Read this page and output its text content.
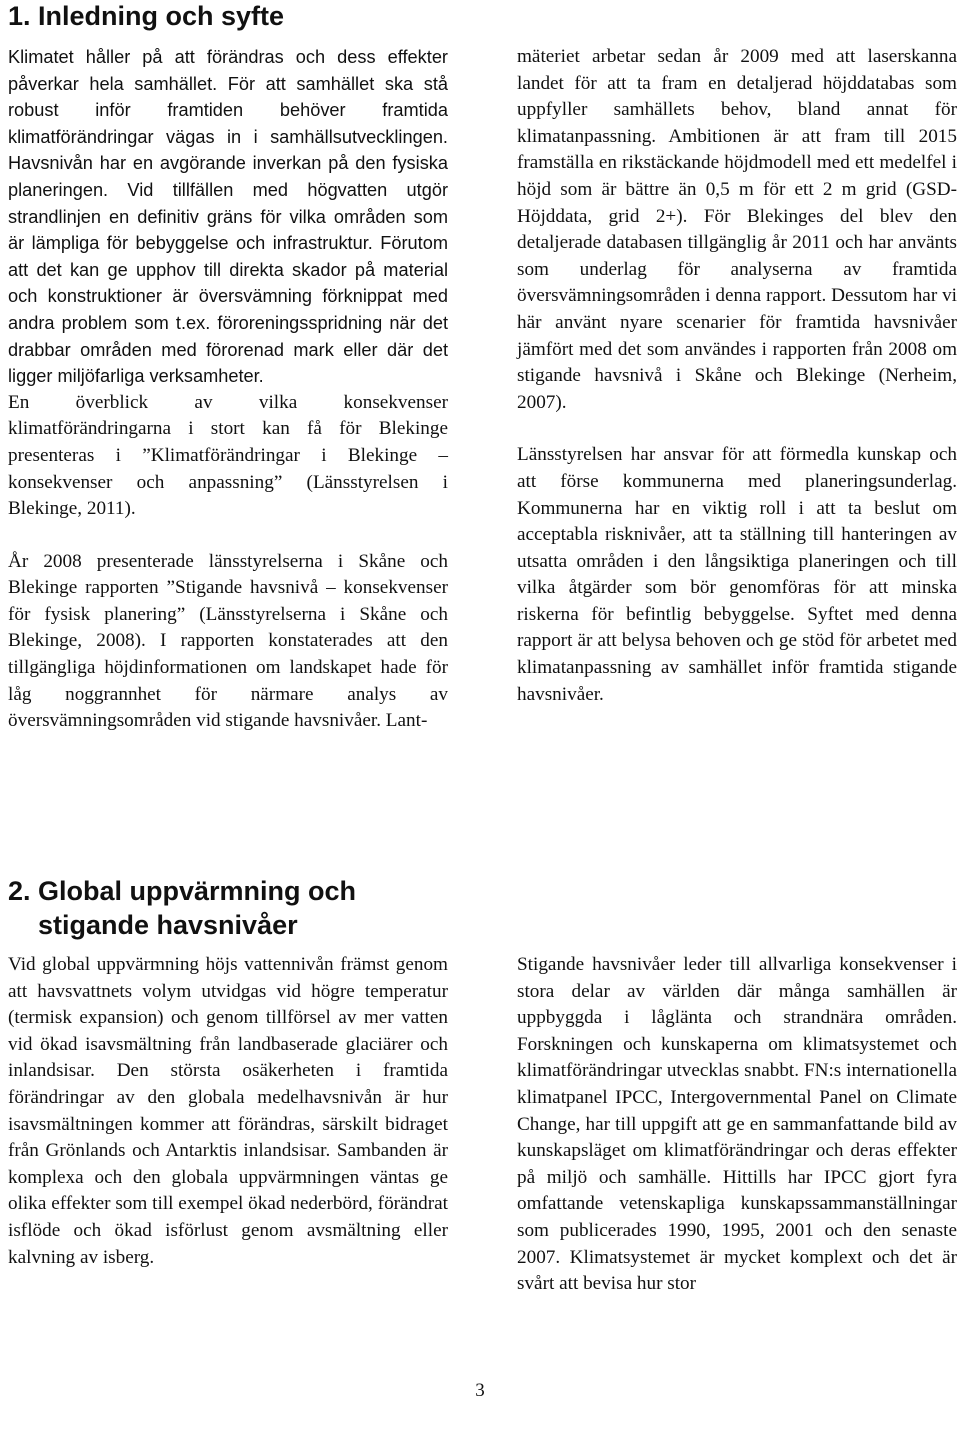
1. Inledning och syfte

Klimatet håller på att förändras och dess effekter påverkar hela samhället. För att samhället ska stå robust inför framtiden behöver framtida klimatförändringar vägas in i samhällsutvecklingen. Havsnivån har en avgörande inverkan på den fysiska planeringen. Vid tillfällen med högvatten utgör strandlinjen en definitiv gräns för vilka områden som är lämpliga för bebyggelse och infrastruktur. Förutom att det kan ge upphov till direkta skador på material och konstruktioner är översvämning förknippat med andra problem som t.ex. föroreningsspridning när det drabbar områden med förorenad mark eller där det ligger miljöfarliga verksamheter.

En överblick av vilka konsekvenser klimatförändringarna i stort kan få för Blekinge presenteras i ”Klimatförändringar i Blekinge – konsekvenser och anpassning” (Länsstyrelsen i Blekinge, 2011).

År 2008 presenterade länsstyrelserna i Skåne och Blekinge rapporten ”Stigande havsnivå – konsekvenser för fysisk planering” (Länsstyrelserna i Skåne och Blekinge, 2008). I rapporten konstaterades att den tillgängliga höjdinformationen om landskapet hade för låg noggrannhet för närmare analys av översvämningsområden vid stigande havsnivåer. Lant-

mäteriet arbetar sedan år 2009 med att laserskanna landet för att ta fram en detaljerad höjddatabas som uppfyller samhällets behov, bland annat för klimatanpassning. Ambitionen är att fram till 2015 framställa en rikstäckande höjdmodell med ett medelfel i höjd som är bättre än 0,5 m för ett 2 m grid (GSD-Höjddata, grid 2+). För Blekinges del blev den detaljerade databasen tillgänglig år 2011 och har använts som underlag för analyserna av framtida översvämningsområden i denna rapport. Dessutom har vi här använt nyare scenarier för framtida havsnivåer jämfört med det som användes i rapporten från 2008 om stigande havsnivå i Skåne och Blekinge (Nerheim, 2007).

Länsstyrelsen har ansvar för att förmedla kunskap och att förse kommunerna med planeringsunderlag. Kommunerna har en viktig roll i att ta beslut om acceptabla risknivåer, att ta ställning till hanteringen av utsatta områden i den långsiktiga planeringen och till vilka åtgärder som bör genomföras för att minska riskerna för befintlig bebyggelse. Syftet med denna rapport är att belysa behoven och ge stöd för arbetet med klimatanpassning av samhället inför framtida stigande havsnivåer.

2. Global uppvärmning och
stigande havsnivåer

Vid global uppvärmning höjs vattennivån främst genom att havsvattnets volym utvidgas vid högre temperatur (termisk expansion) och genom tillförsel av mer vatten vid ökad isavsmältning från landbaserade glaciärer och inlandsisar. Den största osäkerheten i framtida förändringar av den globala medelhavsnivån är hur isavsmältningen kommer att förändras, särskilt bidraget från Grönlands och Antarktis inlandsisar. Sambanden är komplexa och den globala uppvärmningen väntas ge olika effekter som till exempel ökad nederbörd, förändrat isflöde och ökad isförlust genom avsmältning eller kalvning av isberg.

Stigande havsnivåer leder till allvarliga konsekvenser i stora delar av världen där många samhällen är uppbyggda i låglänta och strandnära områden. Forskningen och kunskaperna om klimatsystemet och klimatförändringar utvecklas snabbt. FN:s internationella klimatpanel IPCC, Intergovernmental Panel on Climate Change, har till uppgift att ge en sammanfattande bild av kunskapsläget om klimatförändringar och deras effekter på miljö och samhälle. Hittills har IPCC gjort fyra omfattande vetenskapliga kunskapssammanställningar som publicerades 1990, 1995, 2001 och den senaste 2007. Klimatsystemet är mycket komplext och det är svårt att bevisa hur stor

3
